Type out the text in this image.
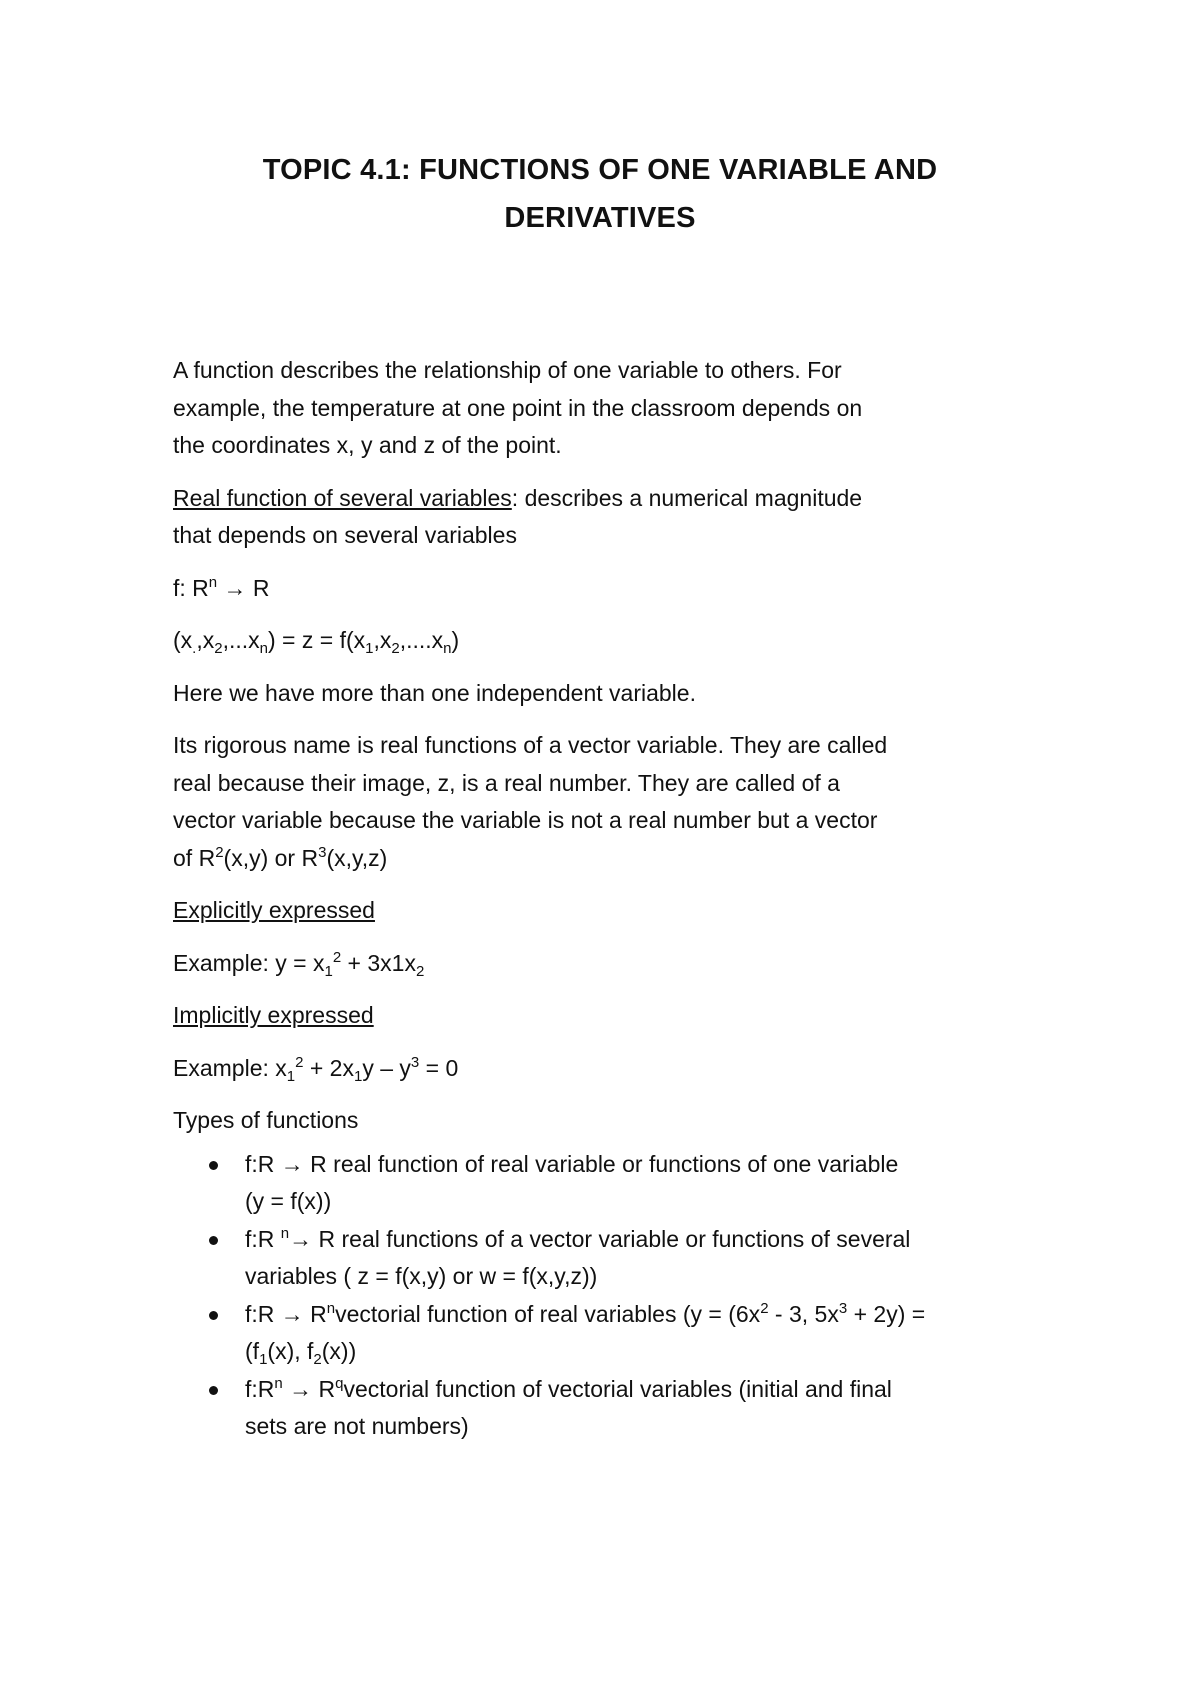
TOPIC 4.1: FUNCTIONS OF ONE VARIABLE AND
DERIVATIVES

A function describes the relationship of one variable to others. For
example, the temperature at one point in the classroom depends on
the coordinates x, y and z of the point.

Real function of several variables: describes a numerical magnitude
that depends on several variables

f: $R^n \to R$

$(x_.,x_2,...x_n) = z = f(x_1,x_2,....x_n)$

Here we have more than one independent variable.

Its rigorous name is real functions of a vector variable. They are called
real because their image, z, is a real number. They are called of a
vector variable because the variable is not a real number but a vector
of $R^2(x,y)$ or $R^3(x,y,z)$

Explicitly expressed

Example: $y = x_1^2 + 3x1x_2$

Implicitly expressed

Example: $x_1^2 + 2x_1y - y^3 = 0$

Types of functions

f:R → R real function of real variable or functions of one variable
(y = f(x))
f:R $^n$→ R real functions of a vector variable or functions of several
variables ( z = f(x,y) or w = f(x,y,z))
f:R → $R^nvectorial$ function of real variables ($y = (6x^2 - 3$, $5x^3 + 2y$) =
($f_1(x)$, $f_2(x)$)
$f:R^n$ → $R^qvectorial$ function of vectorial variables (initial and final
sets are not numbers)
